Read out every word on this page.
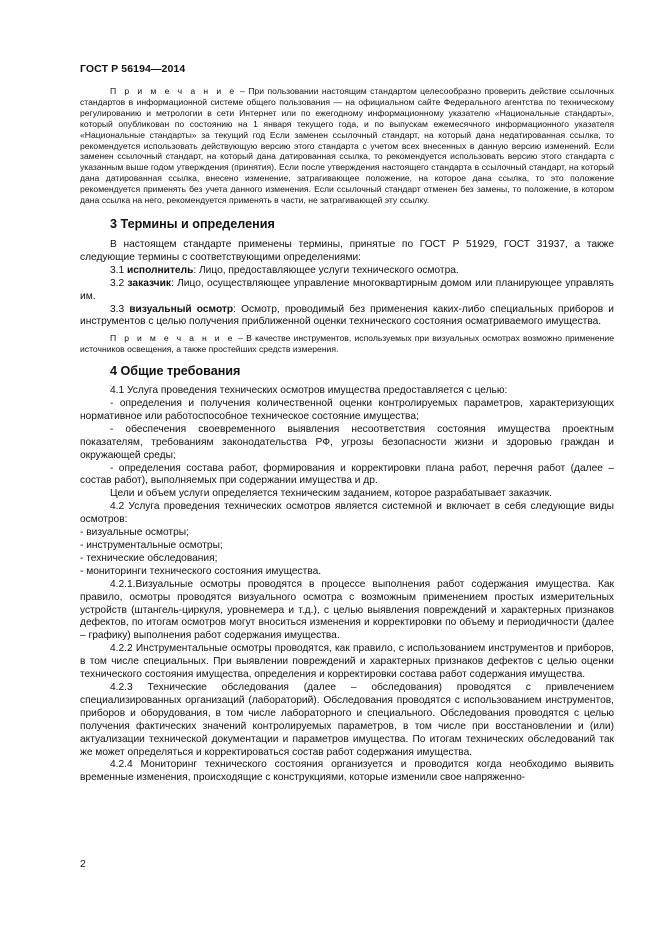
ГОСТ Р 56194—2014

П р и м е ч а н и е – При пользовании настоящим стандартом целесообразно проверить действие ссылочных стандартов в информационной системе общего пользования — на официальном сайте Федерального агентства по техническому регулированию и метрологии в сети Интернет или по ежегодному информационному указателю «Национальные стандарты», который опубликован по состоянию на 1 января текущего года, и по выпускам ежемесячного информационного указателя «Национальные стандарты» за текущий год Если заменен ссылочный стандарт, на который дана недатированная ссылка, то рекомендуется использовать действующую версию этого стандарта с учетом всех внесенных в данную версию изменений. Если заменен ссылочный стандарт, на который дана датированная ссылка, то рекомендуется использовать версию этого стандарта с указанным выше годом утверждения (принятия). Если после утверждения настоящего стандарта в ссылочный стандарт, на который дана датированная ссылка, внесено изменение, затрагивающее положение, на которое дана ссылка, то это положение рекомендуется применять без учета данного изменения. Если ссылочный стандарт отменен без замены, то положение, в котором дана ссылка на него, рекомендуется применять в части, не затрагивающей эту ссылку.

3 Термины и определения

В настоящем стандарте применены термины, принятые по ГОСТ Р 51929, ГОСТ 31937, а также следующие термины с соответствующими определениями:

3.1 исполнитель: Лицо, предоставляющее услуги технического осмотра.

3.2 заказчик: Лицо, осуществляющее управление многоквартирным домом или планирующее управлять им.

3.3 визуальный осмотр: Осмотр, проводимый без применения каких-либо специальных приборов и инструментов с целью получения приближенной оценки технического состояния осматриваемого имущества.

П р и м е ч а н и е – В качестве инструментов, используемых при визуальных осмотрах возможно применение источников освещения, а также простейших средств измерения.

4 Общие требования

4.1 Услуга проведения технических осмотров имущества предоставляется с целью:

- определения и получения количественной оценки контролируемых параметров, характеризующих нормативное или работоспособное техническое состояние имущества;

- обеспечения своевременного выявления несоответствия состояния имущества проектным показателям, требованиям законодательства РФ, угрозы безопасности жизни и здоровью граждан и окружающей среды;

- определения состава работ, формирования и корректировки плана работ, перечня работ (далее – состав работ), выполняемых при содержании имущества и др.

Цели и объем услуги определяется техническим заданием, которое разрабатывает заказчик.

4.2 Услуга проведения технических осмотров является системной и включает в себя следующие виды осмотров:

- визуальные осмотры;

- инструментальные осмотры;

- технические обследования;

- мониторинги технического состояния имущества.

4.2.1.Визуальные осмотры проводятся в процессе выполнения работ содержания имущества. Как правило, осмотры проводятся визуального осмотра с возможным применением простых измерительных устройств (штангель-циркуля, уровнемера и т.д.), с целью выявления повреждений и характерных признаков дефектов, по итогам осмотров могут вноситься изменения и корректировки по объему и периодичности (далее – графику) выполнения работ содержания имущества.

4.2.2 Инструментальные осмотры проводятся, как правило, с использованием инструментов и приборов, в том числе специальных. При выявлении повреждений и характерных признаков дефектов с целью оценки технического состояния имущества, определения и корректировки состава работ содержания имущества.

4.2.3 Технические обследования (далее – обследования) проводятся с привлечением специализированных организаций (лабораторий). Обследования проводятся с использованием инструментов, приборов и оборудования, в том числе лабораторного и специального. Обследования проводятся с целью получения фактических значений контролируемых параметров, в том числе при восстановлении и (или) актуализации технической документации и параметров имущества. По итогам технических обследований так же может определяться и корректироваться состав работ содержания имущества.

4.2.4 Мониторинг технического состояния организуется и проводится когда необходимо выявить временные изменения, происходящие с конструкциями, которые изменили свое напряженно-

2
